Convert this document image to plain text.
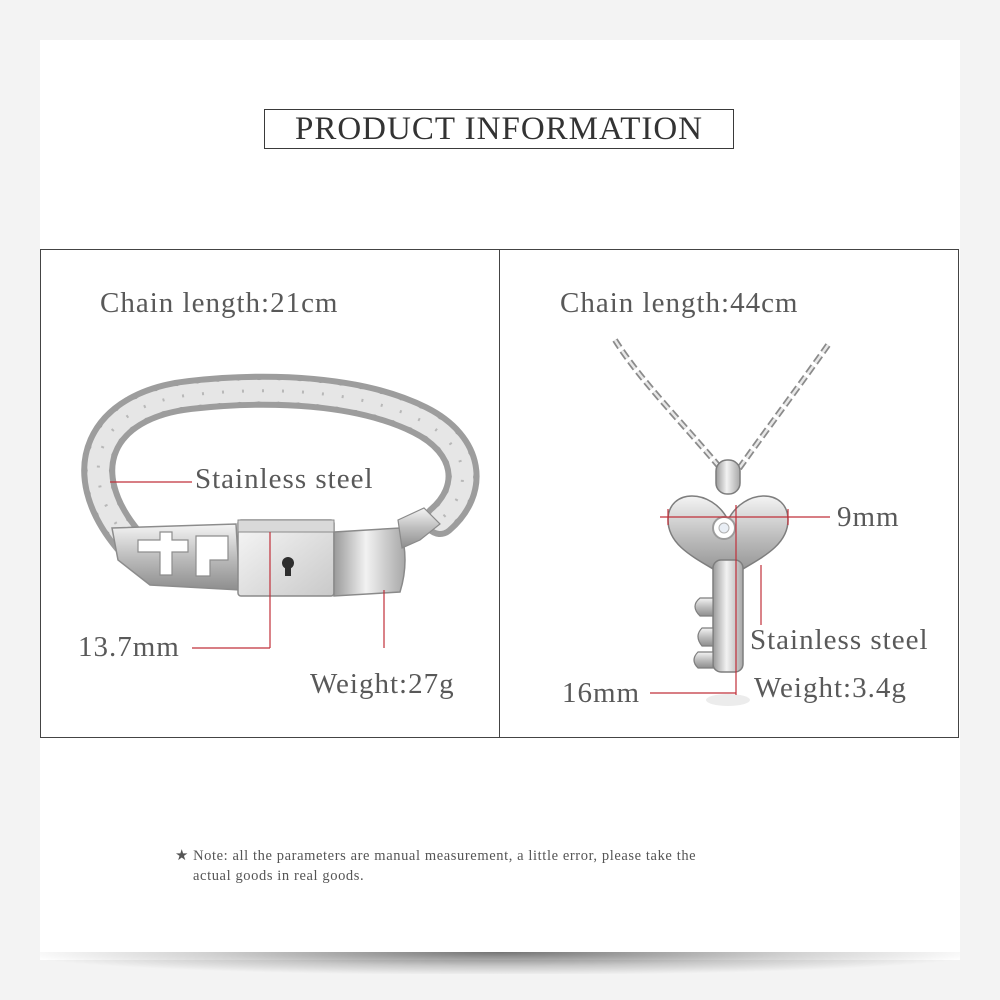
PRODUCT INFORMATION
Chain length:21cm
Stainless steel
13.7mm
Weight:27g
Chain length:44cm
9mm
Stainless steel
16mm	Weight:3.4g
★ Note: all the parameters are manual measurement, a little error, please take the
actual goods in real goods.
